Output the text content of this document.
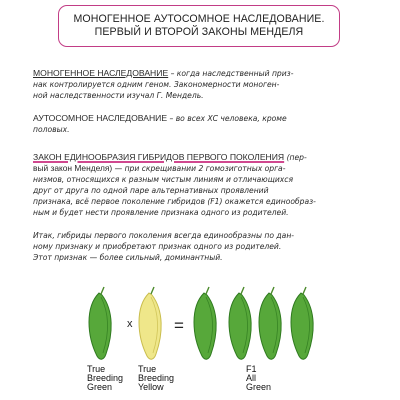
МОНОГЕННОЕ АУТОСОМНОЕ НАСЛЕДОВАНИЕ.
ПЕРВЫЙ И ВТОРОЙ ЗАКОНЫ МЕНДЕЛЯ
МОНОГЕННОЕ НАСЛЕДОВАНИЕ – когда наследственный приз-
нак контролируется одним геном. Закономерности моноген-
ной наследственности изучал Г. Мендель.
АУТОСОМНОЕ НАСЛЕДОВАНИЕ – во всех ХС человека, кроме
половых.
ЗАКОН ЕДИНООБРАЗИЯ ГИБРИДОВ ПЕРВОГО ПОКОЛЕНИЯ (пер-
вый закон Менделя) — при скрещивании 2 гомозиготных орга-
низмов, относящихся к разным чистым линиям и отличающихся
друг от друга по одной паре альтернативных проявлений
признака, всё первое поколение гибридов (F1) окажется единообраз-
ным и будет нести проявление признака одного из родителей.
Итак, гибриды первого поколения всегда единообразны по дан-
ному признаку и приобретают признак одного из родителей.
Этот признак — более сильный, доминантный.
x =
True
Breeding
Green
True
Breeding
Yellow
F1
All
Green
